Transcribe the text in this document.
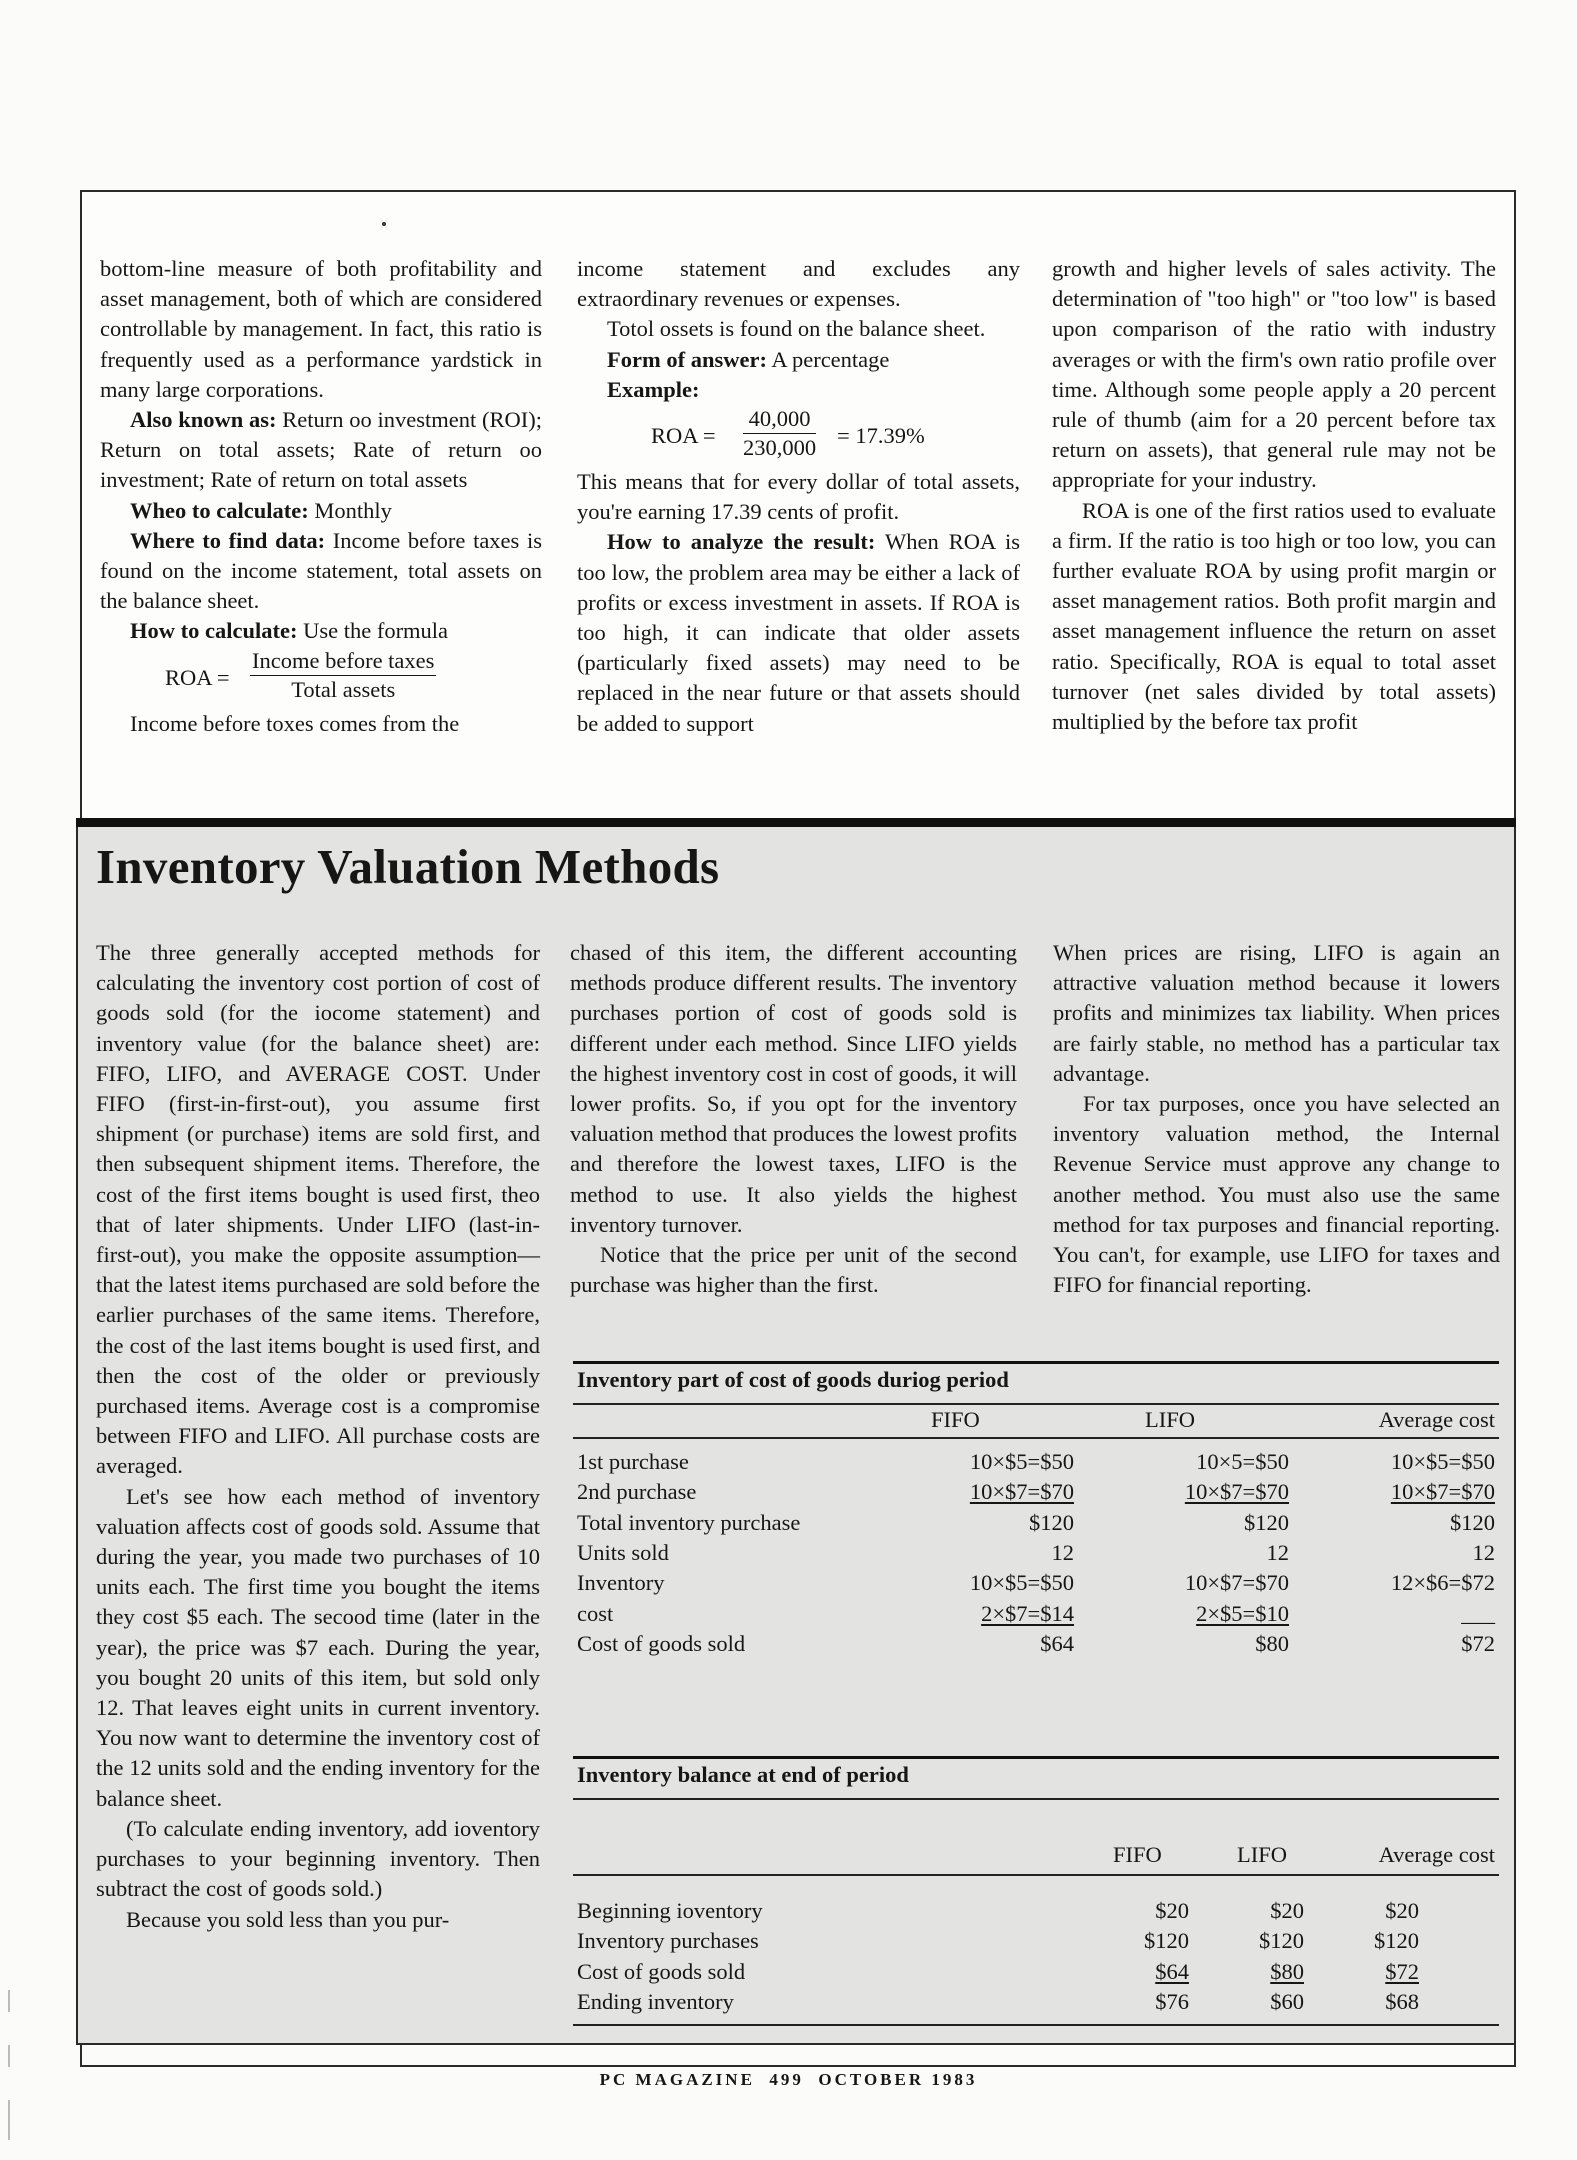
bottom-line measure of both profitability and asset management, both of which are considered controllable by management. In fact, this ratio is frequently used as a performance yardstick in many large corporations.

Also known as: Return oo investment (ROI); Return on total assets; Rate of return oo investment; Rate of return on total assets

Wheo to calculate: Monthly

Where to find data: Income before taxes is found on the income statement, total assets on the balance sheet.

How to calculate: Use the formula

ROA =
Income before taxes
Total assets

Income before toxes comes from the

income statement and excludes any extraordinary revenues or expenses.

Totol ossets is found on the balance sheet.

Form of answer: A percentage

Example:

ROA = $\frac{40,000}{230,000} = 17.39\%$

This means that for every dollar of total assets, you're earning 17.39 cents of profit.

How to analyze the result: When ROA is too low, the problem area may be either a lack of profits or excess investment in assets. If ROA is too high, it can indicate that older assets (particularly fixed assets) may need to be replaced in the near future or that assets should be added to support

growth and higher levels of sales activity. The determination of "too high" or "too low" is based upon comparison of the ratio with industry averages or with the firm's own ratio profile over time. Although some people apply a 20 percent rule of thumb (aim for a 20 percent before tax return on assets), that general rule may not be appropriate for your industry.

ROA is one of the first ratios used to evaluate a firm. If the ratio is too high or too low, you can further evaluate ROA by using profit margin or asset management ratios. Both profit margin and asset management influence the return on asset ratio. Specifically, ROA is equal to total asset turnover (net sales divided by total assets) multiplied by the before tax profit

Inventory Valuation Methods

The three generally accepted methods for calculating the inventory cost portion of cost of goods sold (for the iocome statement) and inventory value (for the balance sheet) are: FIFO, LIFO, and AVERAGE COST. Under FIFO (first-in-first-out), you assume first shipment (or purchase) items are sold first, and then subsequent shipment items. Therefore, the cost of the first items bought is used first, theo that of later shipments. Under LIFO (last-in-first-out), you make the opposite assumption—that the latest items purchased are sold before the earlier purchases of the same items. Therefore, the cost of the last items bought is used first, and then the cost of the older or previously purchased items. Average cost is a compromise between FIFO and LIFO. All purchase costs are averaged.

Let's see how each method of inventory valuation affects cost of goods sold. Assume that during the year, you made two purchases of 10 units each. The first time you bought the items they cost $5 each. The secood time (later in the year), the price was $7 each. During the year, you bought 20 units of this item, but sold only 12. That leaves eight units in current inventory. You now want to determine the inventory cost of the 12 units sold and the ending inventory for the balance sheet.

(To calculate ending inventory, add ioventory purchases to your beginning inventory. Then subtract the cost of goods sold.)

Because you sold less than you pur-

chased of this item, the different accounting methods produce different results. The inventory purchases portion of cost of goods sold is different under each method. Since LIFO yields the highest inventory cost in cost of goods, it will lower profits. So, if you opt for the inventory valuation method that produces the lowest profits and therefore the lowest taxes, LIFO is the method to use. It also yields the highest inventory turnover.

Notice that the price per unit of the second purchase was higher than the first.

When prices are rising, LIFO is again an attractive valuation method because it lowers profits and minimizes tax liability. When prices are fairly stable, no method has a particular tax advantage.

For tax purposes, once you have selected an inventory valuation method, the Internal Revenue Service must approve any change to another method. You must also use the same method for tax purposes and financial reporting. You can't, for example, use LIFO for taxes and FIFO for financial reporting.

Inventory part of cost of goods duriog period
FIFO	LIFO	Average cost
1st purchase	10×$5=$50	10×5=$50	10×$5=$50
2nd purchase	10×$7=$70	10×$7=$70	10×$7=$70
Total inventory purchase	$120	$120	$120
Units sold	12	12	12
Inventory	10×$5=$50	10×$7=$70	12×$6=$72
cost	2×$7=$14	2×$5=$10	___
Cost of goods sold	$64	$80	$72
Inventory balance at end of period
FIFO	LIFO	Average cost
Beginning ioventory	$20	$20	$20
Inventory purchases	$120	$120	$120
Cost of goods sold	$64	$80	$72
Ending inventory	$76	$60	$68
PC MAGAZINE 499 OCTOBER 1983
